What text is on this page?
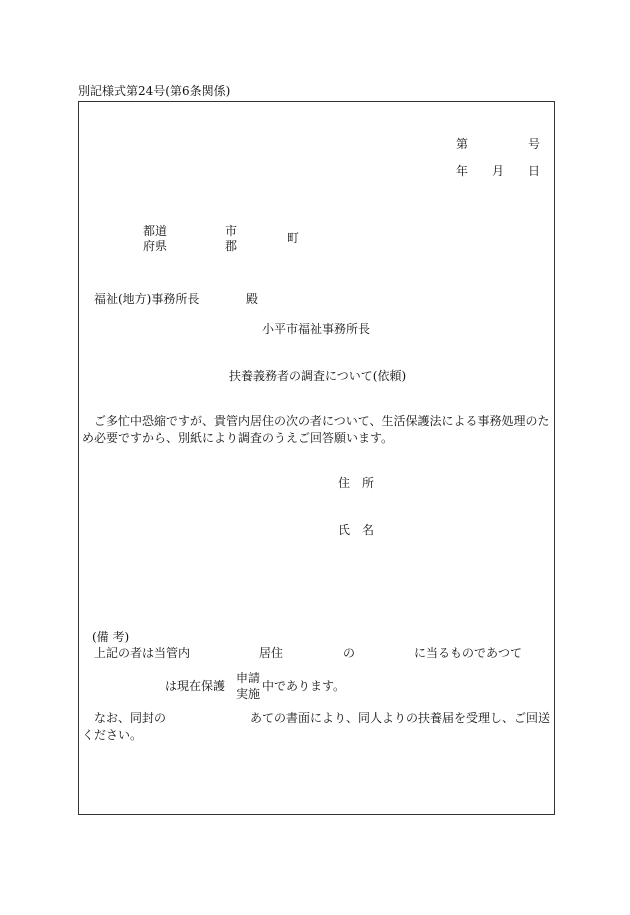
別記様式第24号(第6条関係)
第	号
年 月 日
都道
府県
市
郡
町
福祉(地方)事務所長	殿
小平市福祉事務所長
扶養義務者の調査について(依頼)
ご多忙中恐縮ですが、貴管内居住の次の者について、生活保護法による事務処理のため必要ですから、別紙により調査のうえご回答願います。
住　所
氏　名
(備 考)
上記の者は当管内	居住	の	に当るものであつて
は現在保護
申請
実施
中であります。
なお、同封の　　　　　　　あての書面により、同人よりの扶養届を受理し、ご回送ください。
